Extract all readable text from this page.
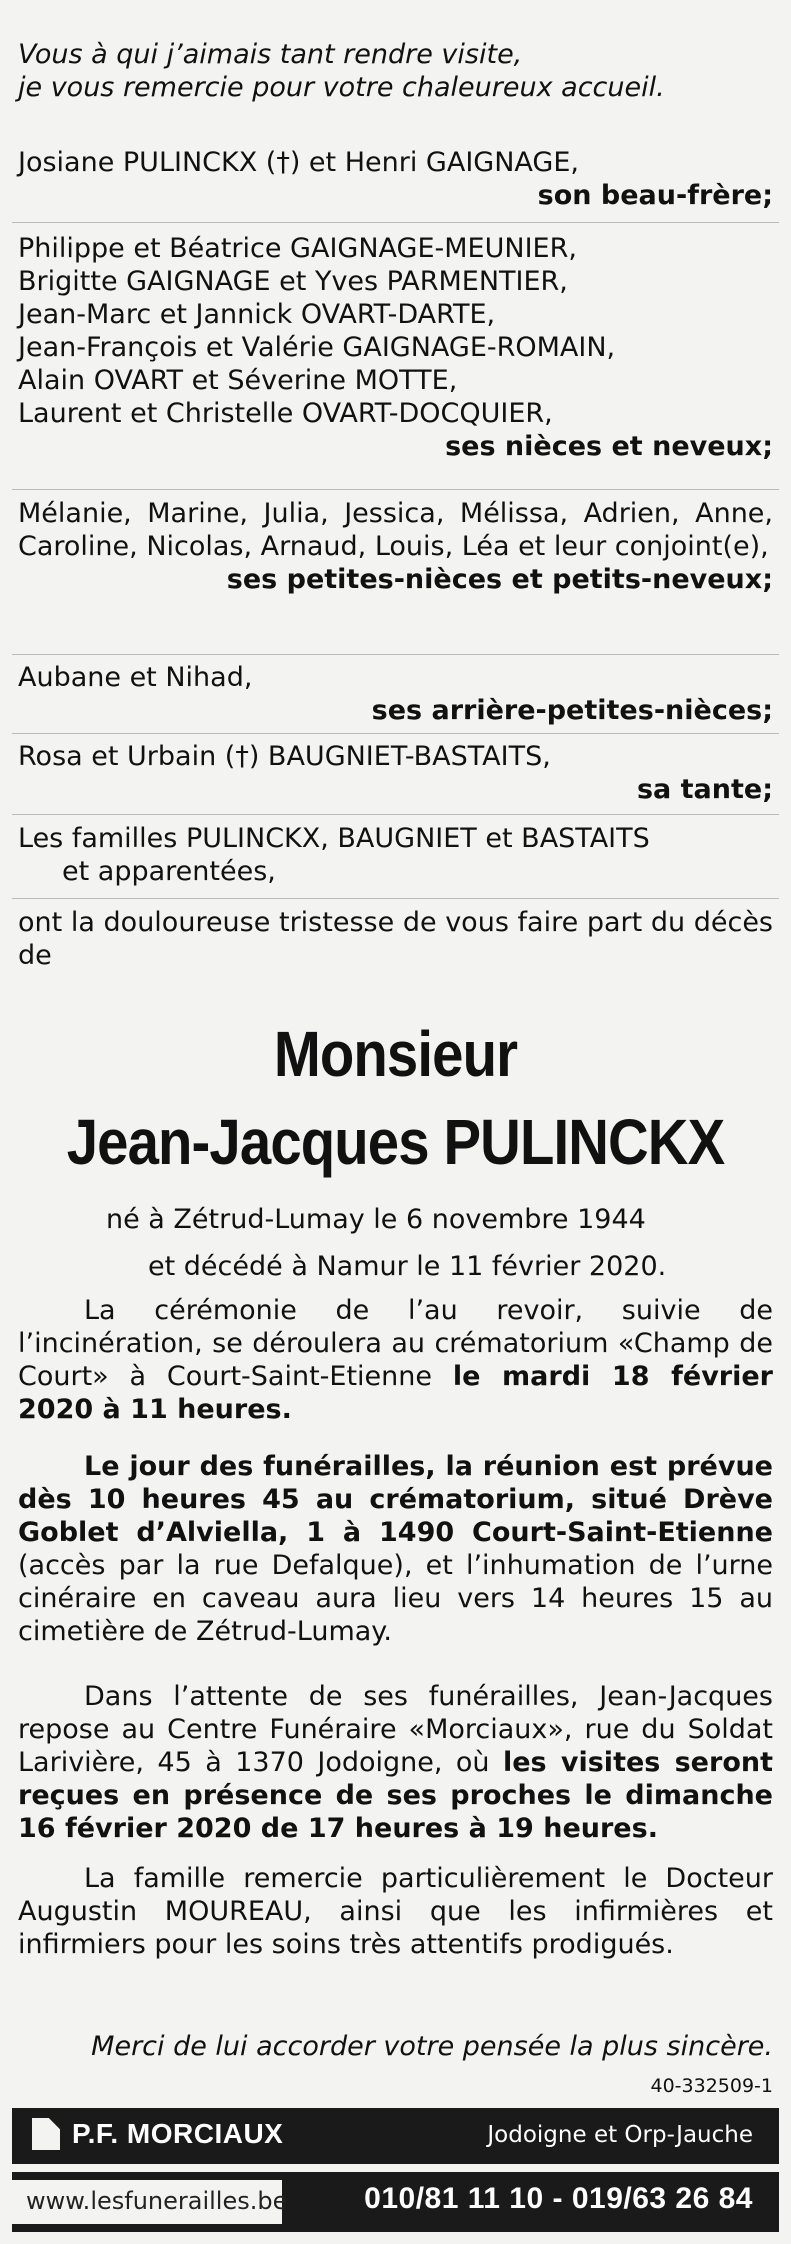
Vous à qui j’aimais tant rendre visite,
je vous remercie pour votre chaleureux accueil.
Josiane PULINCKX (†) et Henri GAIGNAGE,
son beau-frère;
Philippe et Béatrice GAIGNAGE-MEUNIER,
Brigitte GAIGNAGE et Yves PARMENTIER,
Jean-Marc et Jannick OVART-DARTE,
Jean-François et Valérie GAIGNAGE-ROMAIN,
Alain OVART et Séverine MOTTE,
Laurent et Christelle OVART-DOCQUIER,
ses nièces et neveux;
Mélanie, Marine, Julia, Jessica, Mélissa, Adrien, Anne, Caroline, Nicolas, Arnaud, Louis, Léa et leur conjoint(e),
ses petites-nièces et petits-neveux;
Aubane et Nihad,
ses arrière-petites-nièces;
Rosa et Urbain (†) BAUGNIET-BASTAITS,
sa tante;
Les familles PULINCKX, BAUGNIET et BASTAITS
et apparentées,
ont la douloureuse tristesse de vous faire part du décès de
Monsieur
Jean-Jacques PULINCKX
né à Zétrud-Lumay le 6 novembre 1944
et décédé à Namur le 11 février 2020.
La cérémonie de l’au revoir, suivie de l’incinération, se déroulera au crématorium «Champ de Court» à Court-Saint-Etienne le mardi 18 février 2020 à 11 heures.
Le jour des funérailles, la réunion est prévue dès 10 heures 45 au crématorium, situé Drève Goblet d’Alviella, 1 à 1490 Court-Saint-Etienne (accès par la rue Defalque), et l’inhumation de l’urne cinéraire en caveau aura lieu vers 14 heures 15 au cimetière de Zétrud-Lumay.
Dans l’attente de ses funérailles, Jean-Jacques repose au Centre Funéraire «Morciaux», rue du Soldat Larivière, 45 à 1370 Jodoigne, où les visites seront reçues en présence de ses proches le dimanche 16 février 2020 de 17 heures à 19 heures.
La famille remercie particulièrement le Docteur Augustin MOUREAU, ainsi que les infirmières et infirmiers pour les soins très attentifs prodigués.
Merci de lui accorder votre pensée la plus sincère.
40-332509-1
P.F. MORCIAUX	Jodoigne et Orp-Jauche
www.lesfunerailles.be	010/81 11 10 - 019/63 26 84
